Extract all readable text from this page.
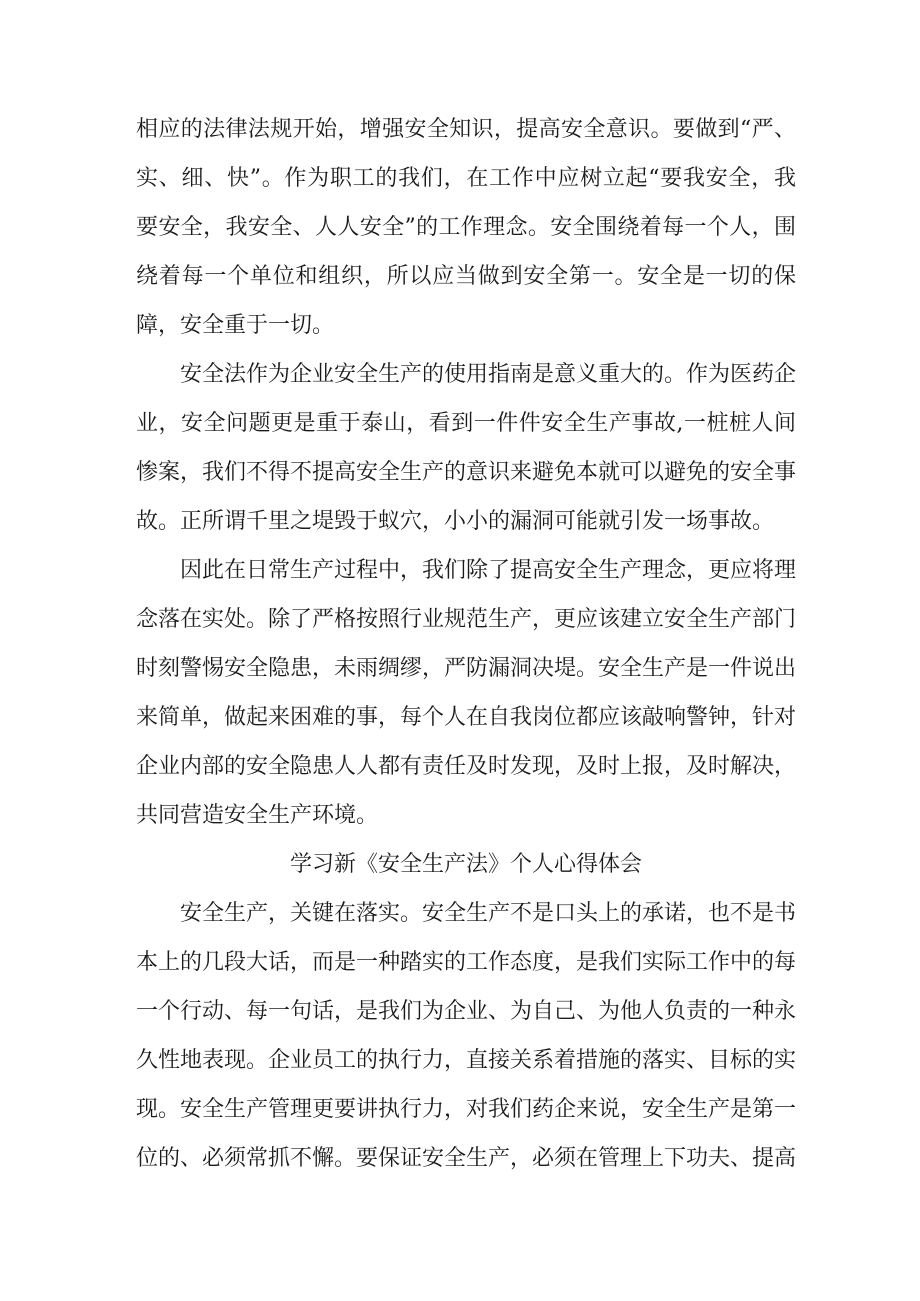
相应的法律法规开始，增强安全知识，提高安全意识。要做到“严、实、细、快”。作为职工的我们，在工作中应树立起“要我安全，我要安全，我安全、人人安全”的工作理念。安全围绕着每一个人，围绕着每一个单位和组织，所以应当做到安全第一。安全是一切的保障，安全重于一切。

安全法作为企业安全生产的使用指南是意义重大的。作为医药企业，安全问题更是重于泰山，看到一件件安全生产事故,一桩桩人间惨案，我们不得不提高安全生产的意识来避免本就可以避免的安全事故。正所谓千里之堤毁于蚁穴，小小的漏洞可能就引发一场事故。

因此在日常生产过程中，我们除了提高安全生产理念，更应将理念落在实处。除了严格按照行业规范生产，更应该建立安全生产部门时刻警惕安全隐患，未雨绸缪，严防漏洞决堤。安全生产是一件说出来简单，做起来困难的事，每个人在自我岗位都应该敲响警钟，针对企业内部的安全隐患人人都有责任及时发现，及时上报，及时解决，共同营造安全生产环境。

学习新《安全生产法》个人心得体会

安全生产，关键在落实。安全生产不是口头上的承诺，也不是书本上的几段大话，而是一种踏实的工作态度，是我们实际工作中的每一个行动、每一句话，是我们为企业、为自己、为他人负责的一种永久性地表现。企业员工的执行力，直接关系着措施的落实、目标的实现。安全生产管理更要讲执行力，对我们药企来说，安全生产是第一位的、必须常抓不懈。要保证安全生产，必须在管理上下功夫、提高
